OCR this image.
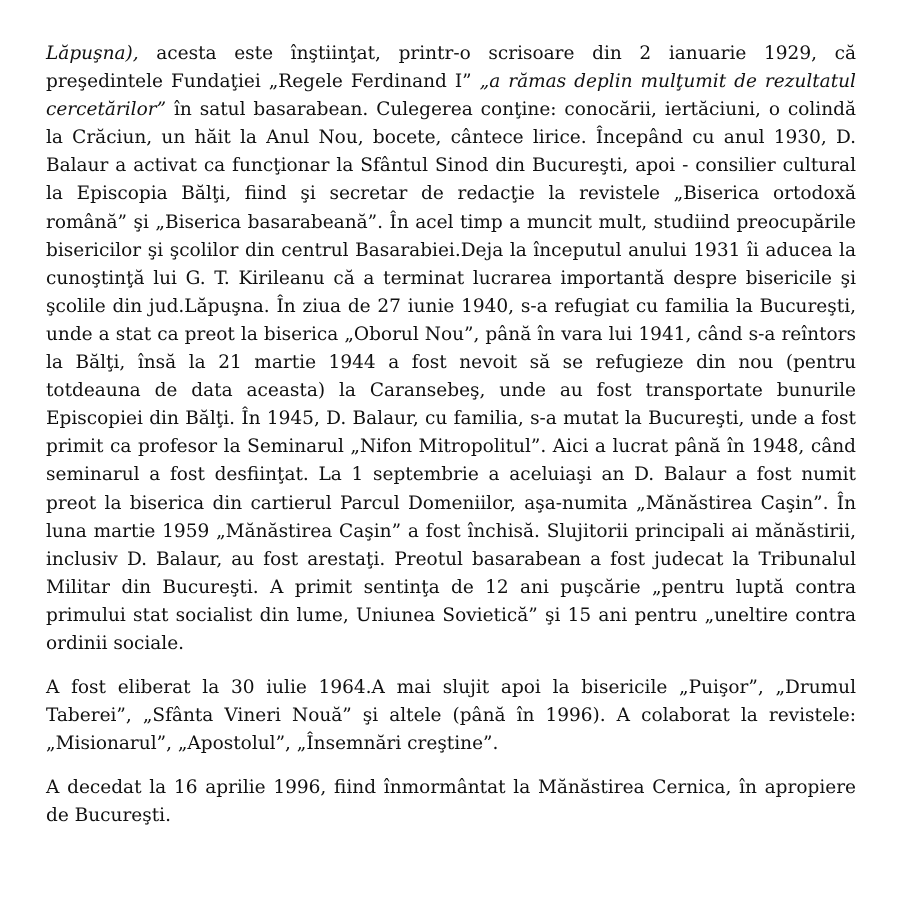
Lăpuşna), acesta este înştiinţat, printr-o scrisoare din 2 ianuarie 1929, că preşedintele Fundaţiei „Regele Ferdinand I” „a rămas deplin mulţumit de rezultatul cercetărilor” în satul basarabean. Culegerea conţine: conocării, iertăciuni, o colindă la Crăciun, un hăit la Anul Nou, bocete, cântece lirice. Începând cu anul 1930, D. Balaur a activat ca funcţionar la Sfântul Sinod din Bucureşti, apoi - consilier cultural la Episcopia Bălţi, fiind şi secretar de redacţie la revistele „Biserica ortodoxă română” şi „Biserica basarabeană”. În acel timp a muncit mult, studiind preocupările bisericilor şi şcolilor din centrul Basarabiei.Deja la începutul anului 1931 îi aducea la cunoştinţă lui G. T. Kirileanu că a terminat lucrarea importantă despre bisericile şi şcolile din jud.Lăpuşna. În ziua de 27 iunie 1940, s-a refugiat cu familia la Bucureşti, unde a stat ca preot la biserica „Oborul Nou”, până în vara lui 1941, când s-a reîntors la Bălţi, însă la 21 martie 1944 a fost nevoit să se refugieze din nou (pentru totdeauna de data aceasta) la Caransebeş, unde au fost transportate bunurile Episcopiei din Bălţi. În 1945, D. Balaur, cu familia, s-a mutat la Bucureşti, unde a fost primit ca profesor la Seminarul „Nifon Mitropolitul”. Aici a lucrat până în 1948, când seminarul a fost desfiinţat. La 1 septembrie a aceluiaşi an D. Balaur a fost numit preot la biserica din cartierul Parcul Domeniilor, aşa-numita „Mănăstirea Caşin”. În luna martie 1959 „Mănăstirea Caşin” a fost închisă. Slujitorii principali ai mănăstirii, inclusiv D. Balaur, au fost arestaţi. Preotul basarabean a fost judecat la Tribunalul Militar din Bucureşti. A primit sentinţa de 12 ani puşcărie „pentru luptă contra primului stat socialist din lume, Uniunea Sovietică” şi 15 ani pentru „uneltire contra ordinii sociale.

A fost eliberat la 30 iulie 1964.A mai slujit apoi la bisericile „Puişor”, „Drumul Taberei”, „Sfânta Vineri Nouă” şi altele (până în 1996). A colaborat la revistele: „Misionarul”, „Apostolul”, „Însemnări creştine”.

A decedat la 16 aprilie 1996, fiind înmormântat la Mănăstirea Cernica, în apropiere de Bucureşti.
